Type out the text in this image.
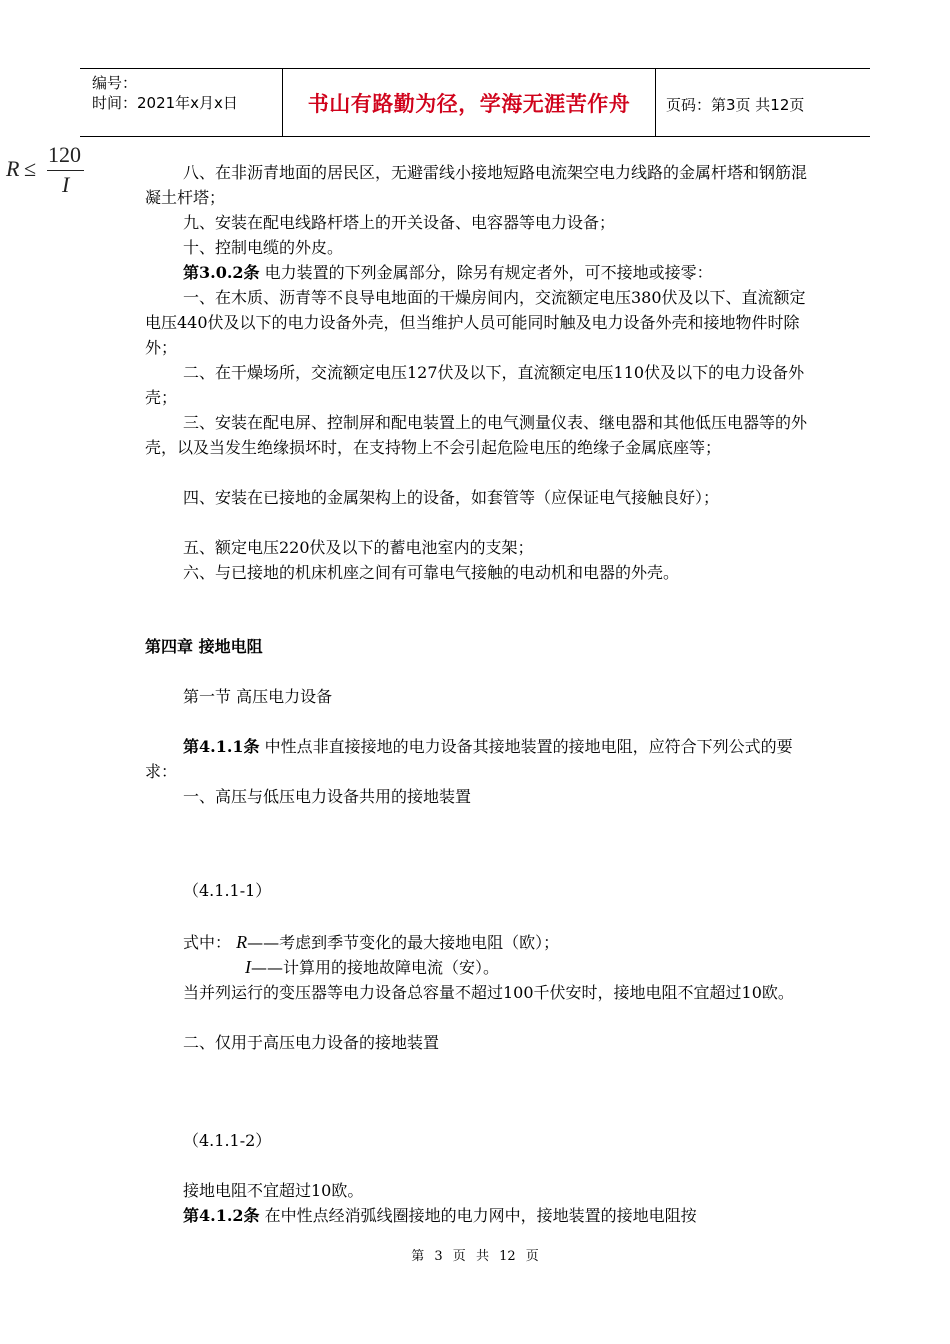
编号：
时间：2021年x月x日	书山有路勤为径，学海无涯苦作舟	页码：第3页 共12页
R ≤
120
I	八、在非沥青地面的居民区，无避雷线小接地短路电流架空电力线路的金属杆塔和钢筋混凝土杆塔；
九、安装在配电线路杆塔上的开关设备、电容器等电力设备；
十、控制电缆的外皮。
第3.0.2条 电力装置的下列金属部分，除另有规定者外，可不接地或接零：
一、在木质、沥青等不良导电地面的干燥房间内，交流额定电压380伏及以下、直流额定电压440伏及以下的电力设备外壳，但当维护人员可能同时触及电力设备外壳和接地物件时除外；
二、在干燥场所，交流额定电压127伏及以下，直流额定电压110伏及以下的电力设备外壳；
三、安装在配电屏、控制屏和配电装置上的电气测量仪表、继电器和其他低压电器等的外壳，以及当发生绝缘损坏时，在支持物上不会引起危险电压的绝缘子金属底座等；
四、安装在已接地的金属架构上的设备，如套管等（应保证电气接触良好）；
五、额定电压220伏及以下的蓄电池室内的支架；
六、与已接地的机床机座之间有可靠电气接触的电动机和电器的外壳。
第四章 接地电阻
第一节 高压电力设备
第4.1.1条 中性点非直接接地的电力设备其接地装置的接地电阻，应符合下列公式的要求：
一、高压与低压电力设备共用的接地装置
（4.1.1-1）
式中： R——考虑到季节变化的最大接地电阻（欧）；
I——计算用的接地故障电流（安）。
当并列运行的变压器等电力设备总容量不超过100千伏安时，接地电阻不宜超过10欧。
二、仅用于高压电力设备的接地装置
（4.1.1-2）
接地电阻不宜超过10欧。
第4.1.2条 在中性点经消弧线圈接地的电力网中，接地装置的接地电阻按
第 3 页 共 12 页
